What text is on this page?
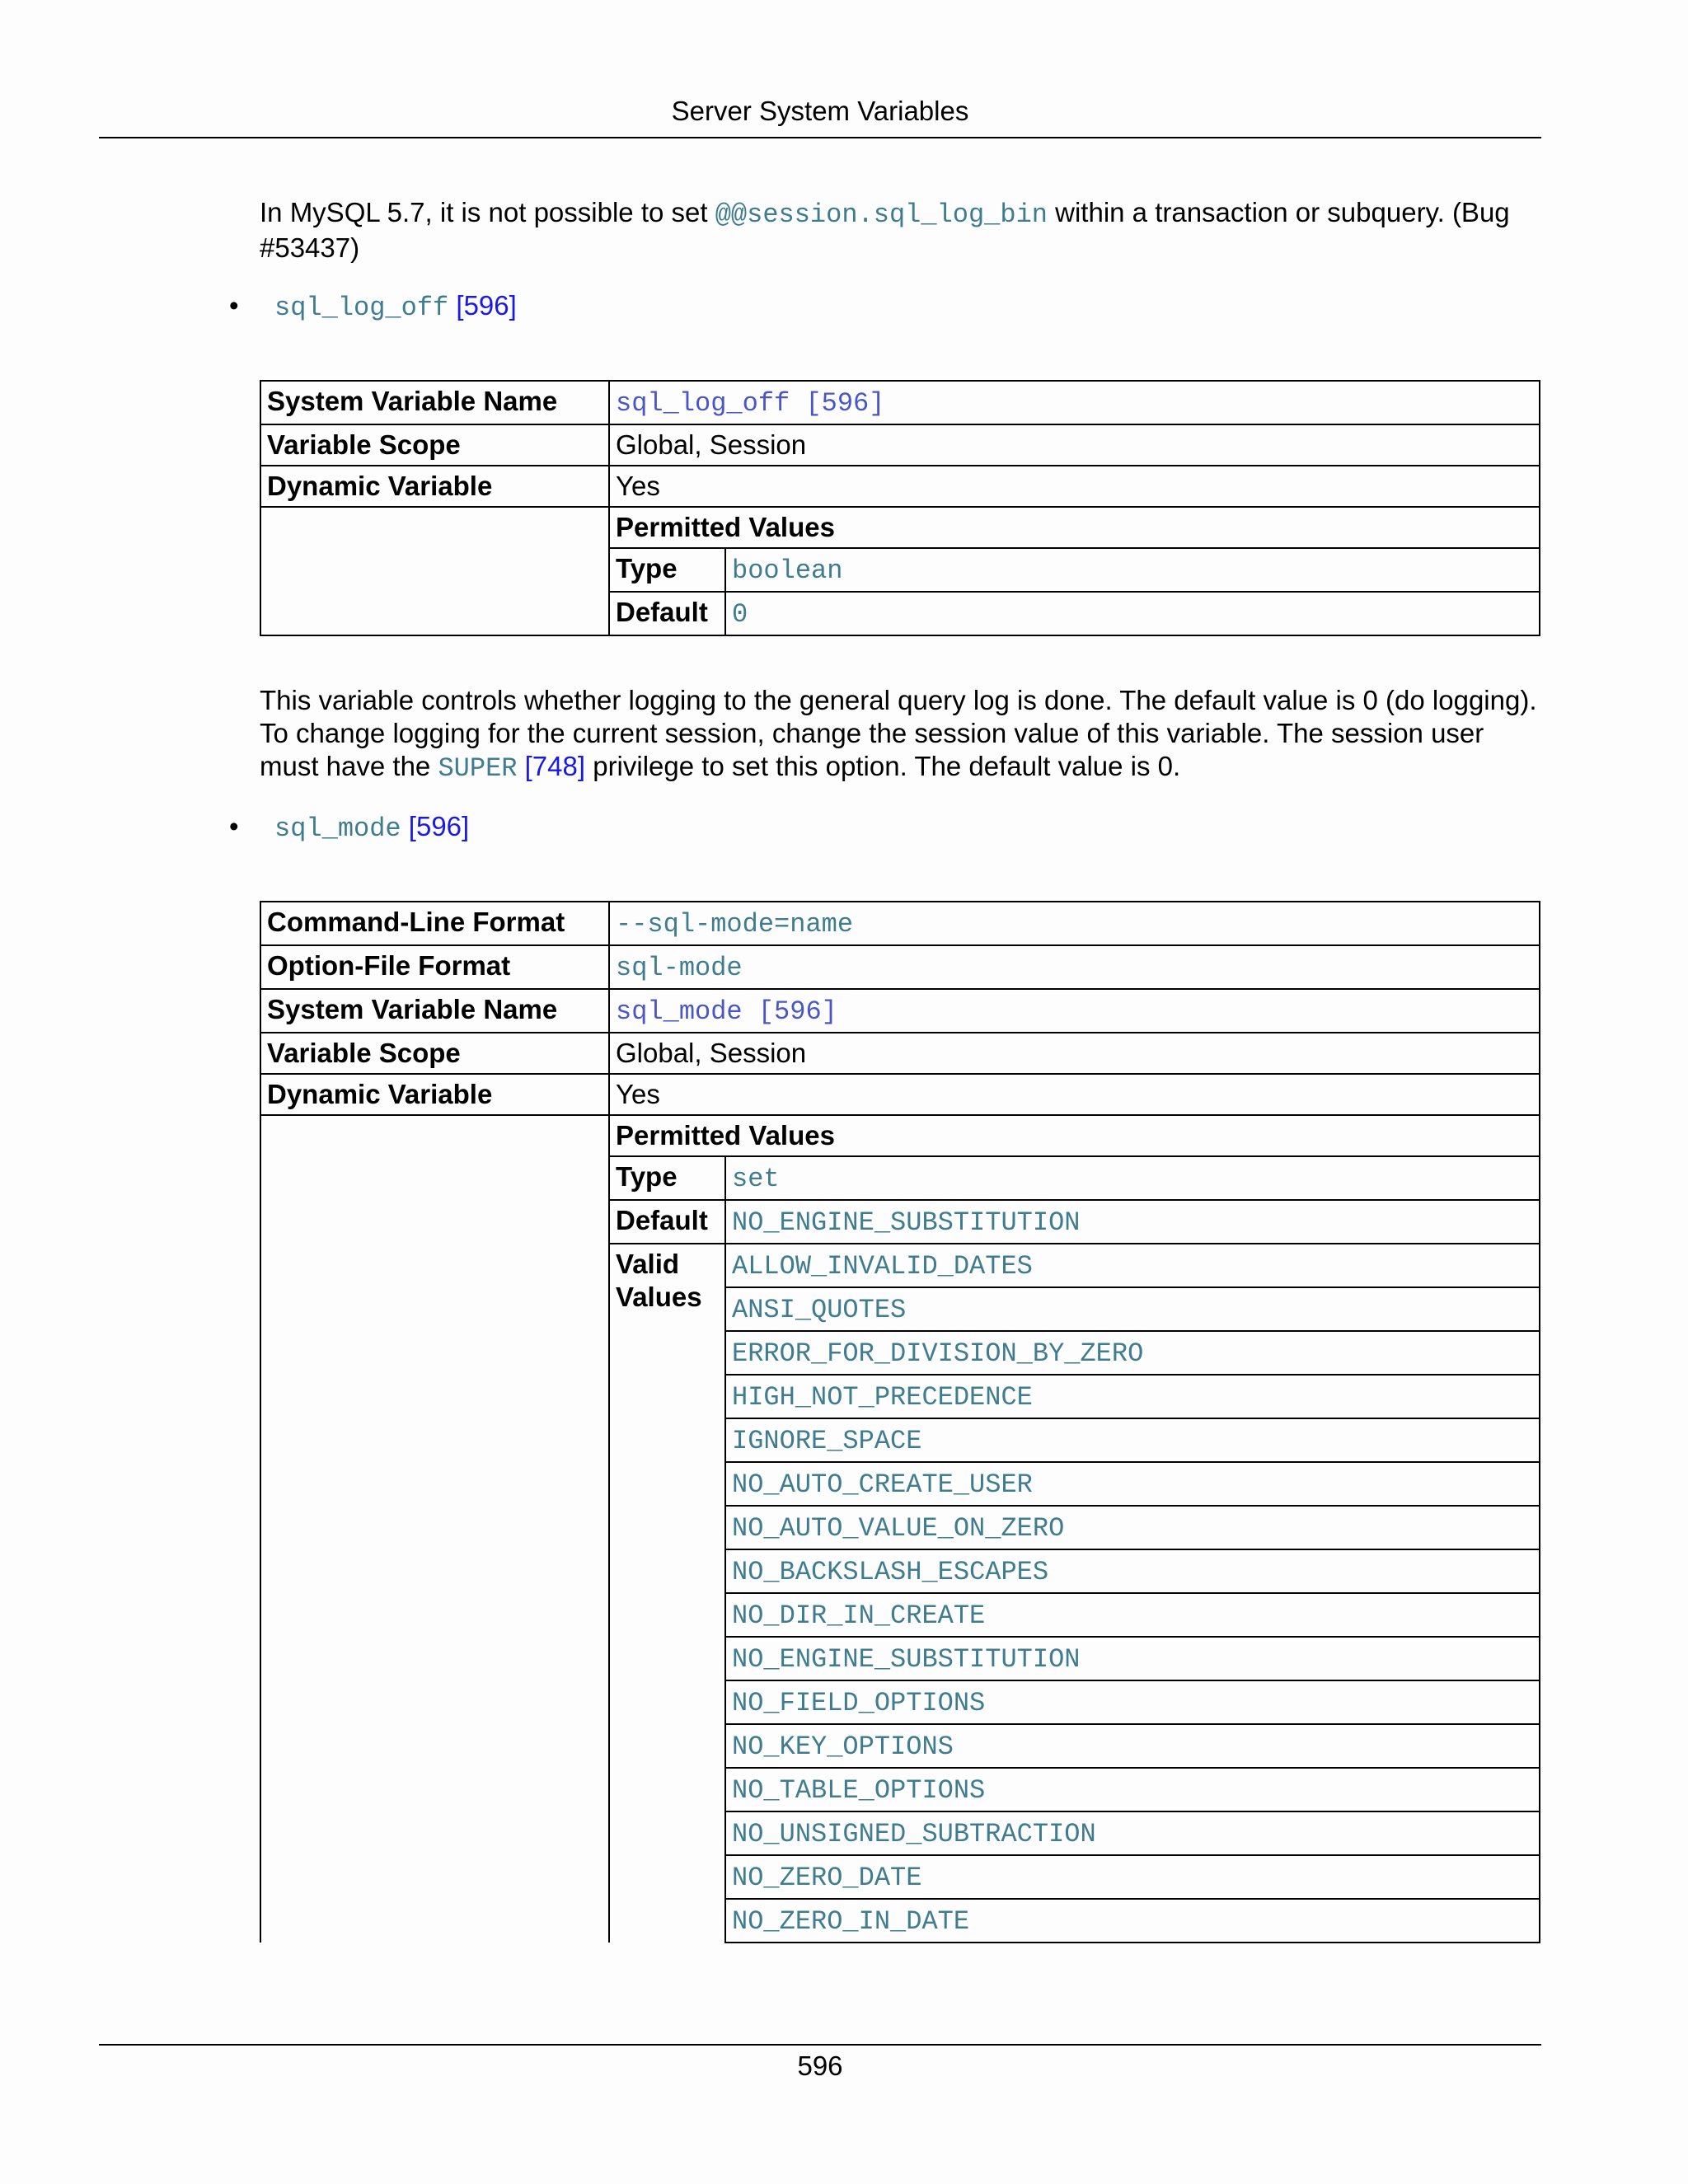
Server System Variables
In MySQL 5.7, it is not possible to set @@session.sql_log_bin within a transaction or subquery. (Bug #53437)
• sql_log_off [596]
System Variable Name	sql_log_off [596]	
Variable Scope	Global, Session	
Dynamic Variable	Yes	
	Permitted Values	
	Type	boolean
	Default	0
This variable controls whether logging to the general query log is done. The default value is 0 (do logging). To change logging for the current session, change the session value of this variable. The session user must have the SUPER [748] privilege to set this option. The default value is 0.
• sql_mode [596]
Command-Line Format	--sql-mode=name	
Option-File Format	sql-mode	
System Variable Name	sql_mode [596]	
Variable Scope	Global, Session	
Dynamic Variable	Yes	
	Permitted Values	
	Type	set
	Default	NO_ENGINE_SUBSTITUTION
	Valid Values	ALLOW_INVALID_DATES
		ANSI_QUOTES
		ERROR_FOR_DIVISION_BY_ZERO
		HIGH_NOT_PRECEDENCE
		IGNORE_SPACE
		NO_AUTO_CREATE_USER
		NO_AUTO_VALUE_ON_ZERO
		NO_BACKSLASH_ESCAPES
		NO_DIR_IN_CREATE
		NO_ENGINE_SUBSTITUTION
		NO_FIELD_OPTIONS
		NO_KEY_OPTIONS
		NO_TABLE_OPTIONS
		NO_UNSIGNED_SUBTRACTION
		NO_ZERO_DATE
		NO_ZERO_IN_DATE
596
